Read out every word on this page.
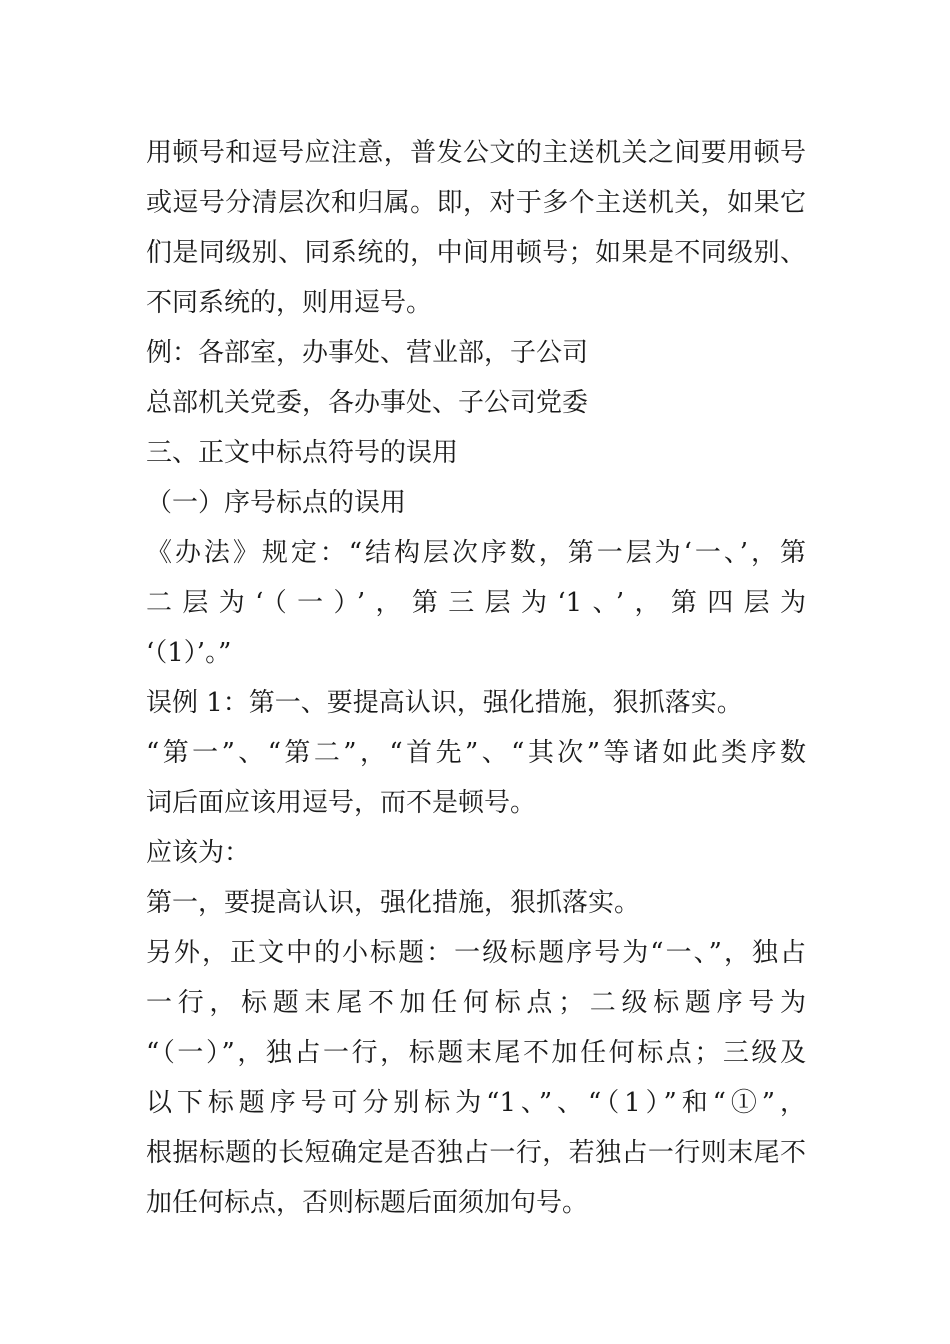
用顿号和逗号应注意，普发公文的主送机关之间要用顿号

或逗号分清层次和归属。即，对于多个主送机关，如果它

们是同级别、同系统的，中间用顿号；如果是不同级别、

不同系统的，则用逗号。

例：各部室，办事处、营业部，子公司

总部机关党委，各办事处、子公司党委

三、正文中标点符号的误用

（一）序号标点的误用

《办法》规定：“结构层次序数，第一层为‘一、’，第

二层为‘（一）’，第三层为‘1、’，第四层为

‘（1）’。”

误例 1：第一、要提高认识，强化措施，狠抓落实。

“第一”、“第二”，“首先”、“其次”等诸如此类序数

词后面应该用逗号，而不是顿号。

应该为：

第一，要提高认识，强化措施，狠抓落实。

另外，正文中的小标题：一级标题序号为“一、”，独占

一行，标题末尾不加任何标点；二级标题序号为

“（一）”，独占一行，标题末尾不加任何标点；三级及

以下标题序号可分别标为“1、”、“（1）”和“①”，

根据标题的长短确定是否独占一行，若独占一行则末尾不

加任何标点，否则标题后面须加句号。
